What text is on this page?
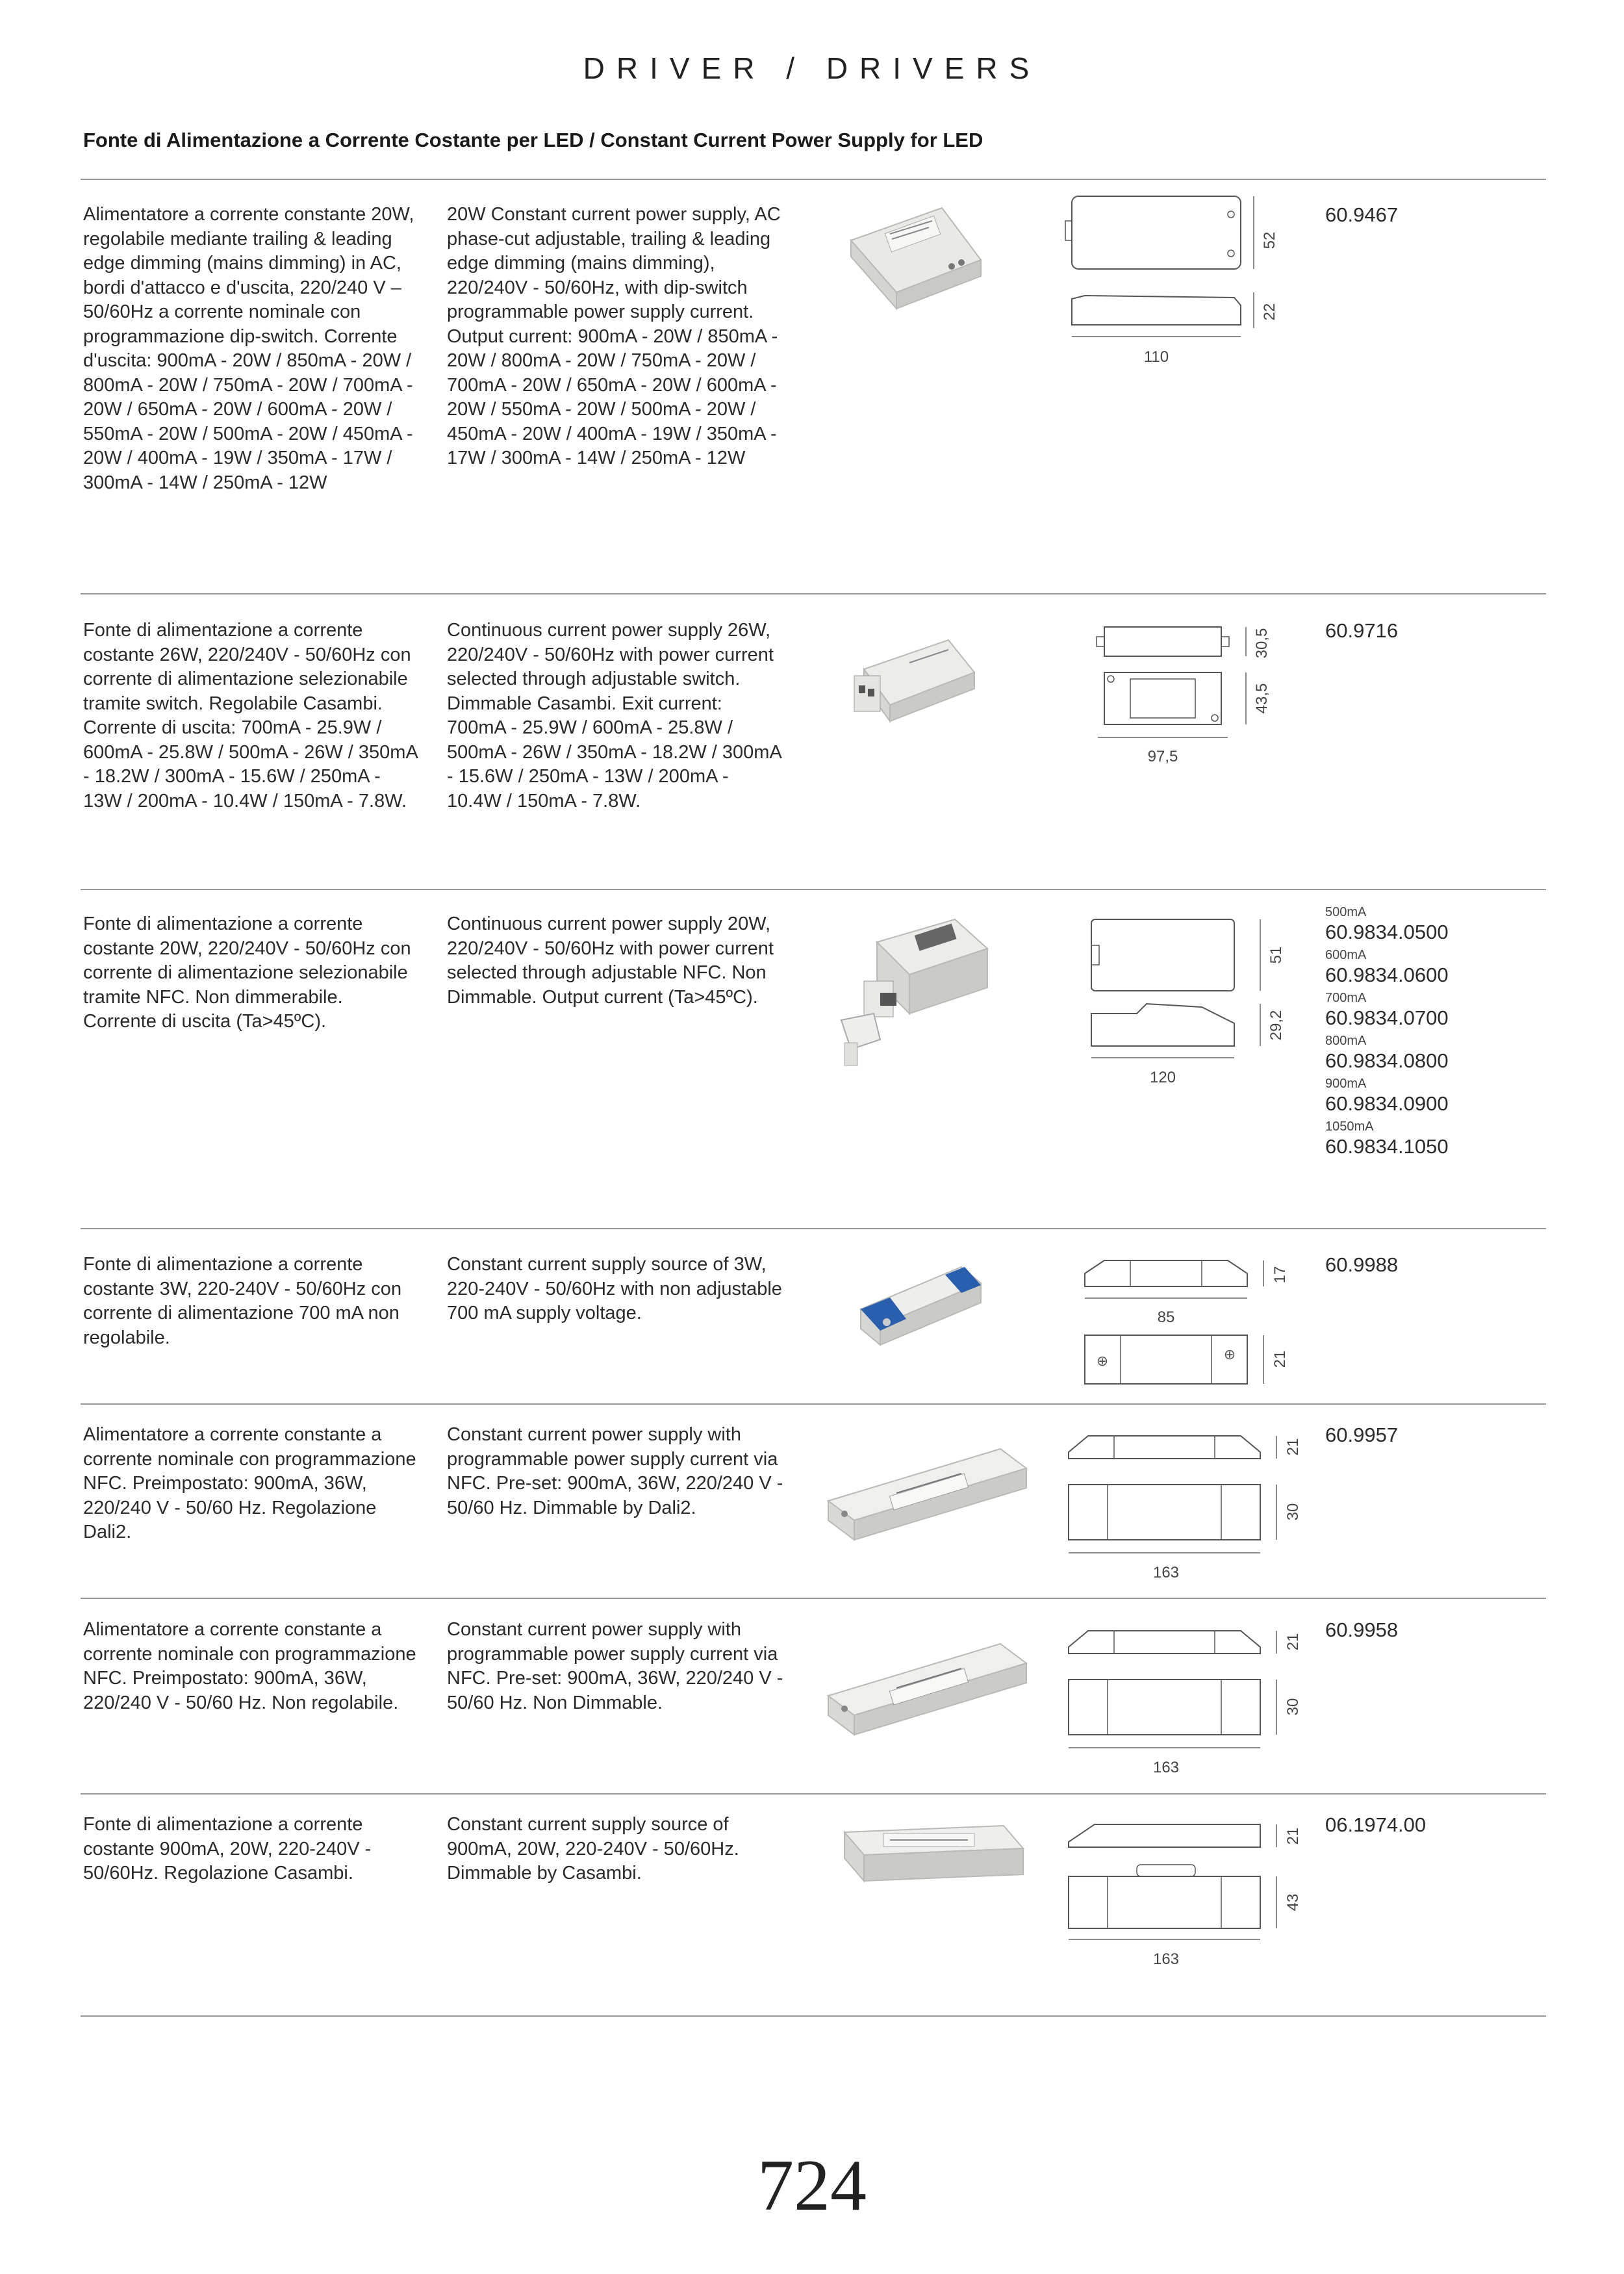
DRIVER / DRIVERS
Fonte di Alimentazione a Corrente Costante per LED / Constant Current Power Supply for LED
Alimentatore a corrente constante 20W, regolabile mediante trailing & leading edge dimming (mains dimming) in AC, bordi d'attacco e d'uscita, 220/240 V – 50/60Hz a corrente nominale con programmazione dip-switch. Corrente d'uscita: 900mA - 20W / 850mA - 20W / 800mA - 20W / 750mA - 20W / 700mA - 20W / 650mA - 20W / 600mA - 20W / 550mA - 20W / 500mA - 20W / 450mA - 20W / 400mA - 19W / 350mA - 17W / 300mA - 14W / 250mA - 12W
20W Constant current power supply, AC phase-cut adjustable, trailing & leading edge dimming (mains dimming), 220/240V - 50/60Hz, with dip-switch programmable power supply current. Output current: 900mA - 20W / 850mA - 20W / 800mA - 20W / 750mA - 20W / 700mA - 20W / 650mA - 20W / 600mA - 20W / 550mA - 20W / 500mA - 20W / 450mA - 20W / 400mA - 19W / 350mA - 17W / 300mA - 14W / 250mA - 12W
52
22
110
60.9467
Fonte di alimentazione a corrente costante 26W, 220/240V - 50/60Hz con corrente di alimentazione selezionabile tramite switch. Regolabile Casambi. Corrente di uscita: 700mA - 25.9W / 600mA - 25.8W / 500mA - 26W / 350mA - 18.2W / 300mA - 15.6W / 250mA - 13W / 200mA - 10.4W / 150mA - 7.8W.
Continuous current power supply 26W, 220/240V - 50/60Hz with power current selected through adjustable switch. Dimmable Casambi. Exit current: 700mA - 25.9W / 600mA - 25.8W / 500mA - 26W / 350mA - 18.2W / 300mA - 15.6W / 250mA - 13W / 200mA - 10.4W / 150mA - 7.8W.
30,5
43,5
97,5
60.9716
Fonte di alimentazione a corrente costante 20W, 220/240V - 50/60Hz con corrente di alimentazione selezionabile tramite NFC. Non dimmerabile. Corrente di uscita (Ta>45ºC).
Continuous current power supply 20W, 220/240V - 50/60Hz with power current selected through adjustable NFC. Non Dimmable. Output current (Ta>45ºC).
51
29,2
120
500mA
60.9834.0500
600mA
60.9834.0600
700mA
60.9834.0700
800mA
60.9834.0800
900mA
60.9834.0900
1050mA
60.9834.1050
Fonte di alimentazione a corrente costante 3W, 220-240V - 50/60Hz con corrente di alimentazione 700 mA non regolabile.
Constant current supply source of 3W, 220-240V - 50/60Hz with non adjustable 700 mA supply voltage.
17
85
⊕	⊕ 21
60.9988
Alimentatore a corrente constante a corrente nominale con programmazione NFC. Preimpostato: 900mA, 36W, 220/240 V - 50/60 Hz. Regolazione Dali2.
Constant current power supply with programmable power supply current via NFC. Pre-set: 900mA, 36W, 220/240 V - 50/60 Hz. Dimmable by Dali2.
21
30
163
60.9957
Alimentatore a corrente constante a corrente nominale con programmazione NFC. Preimpostato: 900mA, 36W, 220/240 V - 50/60 Hz. Non regolabile.
Constant current power supply with programmable power supply current via NFC. Pre-set: 900mA, 36W, 220/240 V - 50/60 Hz. Non Dimmable.
21
30
163
60.9958
Fonte di alimentazione a corrente costante 900mA, 20W, 220-240V - 50/60Hz. Regolazione Casambi.
Constant current supply source of 900mA, 20W, 220-240V - 50/60Hz. Dimmable by Casambi.
21
43
163
06.1974.00
724
